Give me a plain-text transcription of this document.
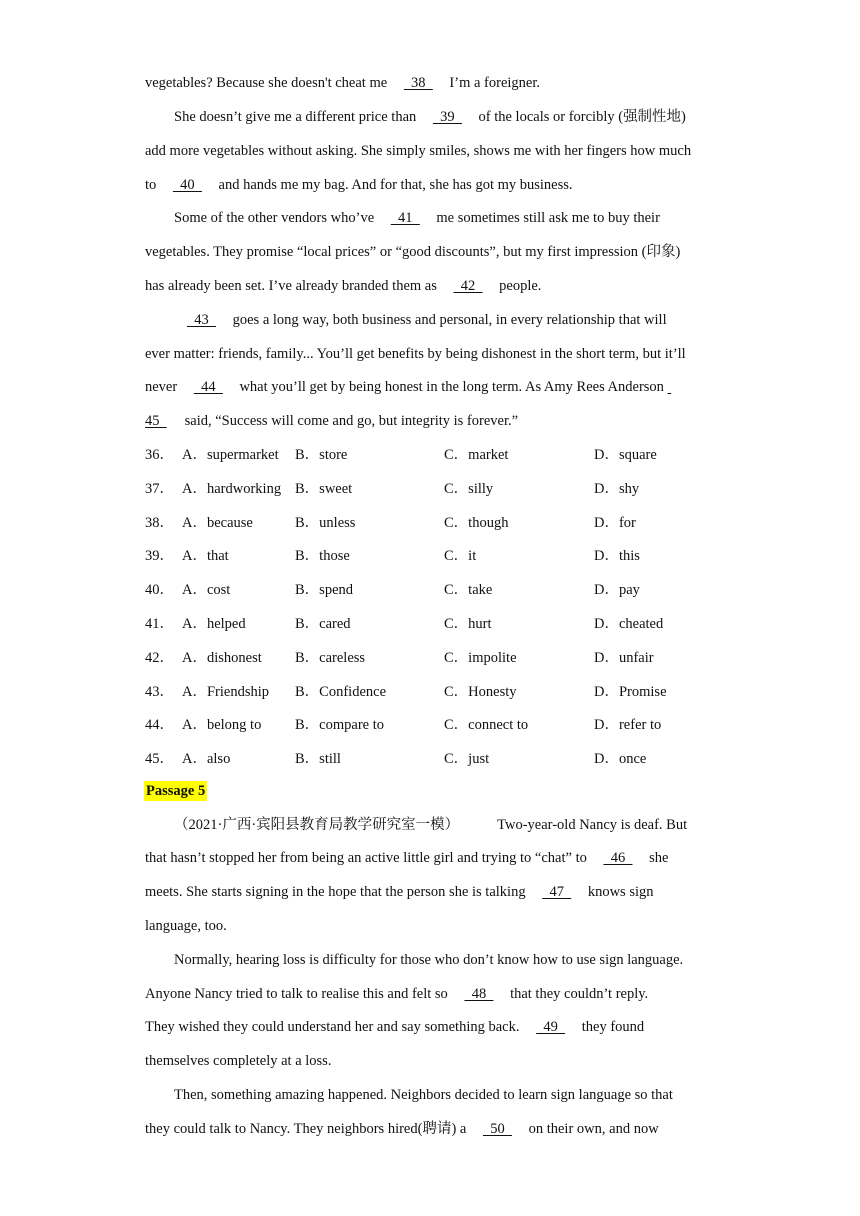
vegetables? Because she doesn't cheat me   38   I’m a foreigner.
She doesn’t give me a different price than   39   of the locals or forcibly (强制性地)
add more vegetables without asking. She simply smiles, shows me with her fingers how much
to   40   and hands me my bag. And for that, she has got my business.
Some of the other vendors who’ve   41   me sometimes still ask me to buy their
vegetables. They promise “local prices” or “good discounts”, but my first impression (印象)
has already been set. I’ve already branded them as   42   people.
43   goes a long way, both business and personal, in every relationship that will
ever matter: friends, family... You’ll get benefits by being dishonest in the short term, but it’ll
never   44   what you’ll get by being honest in the long term. As Amy Rees Anderson
45   said, “Success will come and go, but integrity is forever.”
36． A．supermarket B．store	C．market	D．square
37． A．hardworking B．sweet	C．silly	D．shy
38． A．because	B．unless	C．though	D．for
39． A．that	B．those	C．it	D．this
40． A．cost	B．spend	C．take	D．pay
41． A．helped	B．cared	C．hurt	D．cheated
42． A．dishonest B．careless	C．impolite	D．unfair
43． A．Friendship B．Confidence	C．Honesty	D．Promise
44． A．belong to B．compare to	C．connect to	D．refer to
45． A．also	B．still	C．just	D．once
Passage 5
（2021·广西·宾阳县教育局教学研究室一模）	Two-year-old Nancy is deaf. But
that hasn’t stopped her from being an active little girl and trying to “chat” to   46   she
meets. She starts signing in the hope that the person she is talking   47   knows sign
language, too.
Normally, hearing loss is difficulty for those who don’t know how to use sign language.
Anyone Nancy tried to talk to realise this and felt so   48   that they couldn’t reply.
They wished they could understand her and say something back.   49   they found
themselves completely at a loss.
Then, something amazing happened. Neighbors decided to learn sign language so that
they could talk to Nancy. They neighbors hired(聘请) a   50   on their own, and now
